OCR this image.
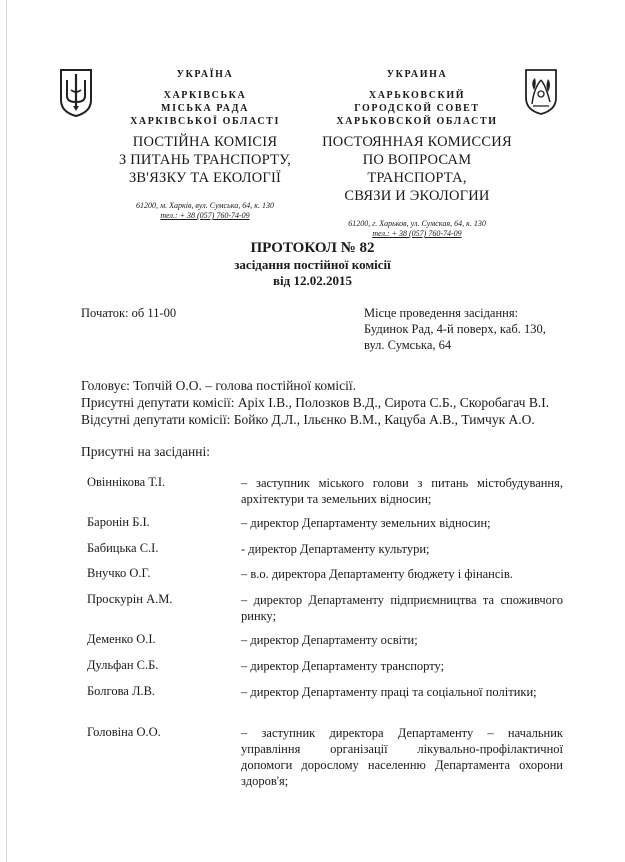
УКРАЇНА
ХАРКІВСЬКА
МІСЬКА РАДА
ХАРКІВСЬКОЇ ОБЛАСТІ
ПОСТІЙНА КОМІСІЯ
З ПИТАНЬ ТРАНСПОРТУ,
ЗВ'ЯЗКУ ТА ЕКОЛОГІЇ
61200, м. Харків, вул. Сумська, 64, к. 130
тел.: + 38 (057) 760-74-09
УКРАИНА
ХАРЬКОВСКИЙ
ГОРОДСКОЙ СОВЕТ
ХАРЬКОВСКОЙ ОБЛАСТИ
ПОСТОЯННАЯ КОМИССИЯ
ПО ВОПРОСАМ ТРАНСПОРТА,
СВЯЗИ И ЭКОЛОГИИ
61200, г. Харьков, ул. Сумская, 64, к. 130
тел.: + 38 (057) 760-74-09
ПРОТОКОЛ № 82
засідання постійної комісії
від 12.02.2015
Початок: об 11-00	Місце проведення засідання:
Будинок Рад, 4-й поверх, каб. 130,
вул. Сумська, 64
Головує: Топчій О.О. – голова постійної комісії.
Присутні депутати комісії: Аріх І.В., Полозков В.Д., Сирота С.Б., Скоробагач В.І.
Відсутні депутати комісії: Бойко Д.Л., Ільєнко В.М., Кацуба А.В., Тимчук А.О.
Присутні на засіданні:
Овіннікова Т.І.	– заступник міського голови з питань містобудування, архітектури та земельних відносин;
Баронін Б.І.	– директор Департаменту земельних відносин;
Бабицька С.І.	- директор Департаменту культури;
Внучко О.Г.	– в.о. директора Департаменту бюджету і фінансів.
Проскурін А.М.	– директор Департаменту підприємництва та споживчого ринку;
Деменко О.І.	– директор Департаменту освіти;
Дульфан С.Б.	– директор Департаменту транспорту;
Болгова Л.В.	– директор Департаменту праці та соціальної політики;
Головіна О.О.	– заступник директора Департаменту – начальник управління організації лікувально-профілактичної допомоги дорослому населенню Департамента охорони здоров'я;
